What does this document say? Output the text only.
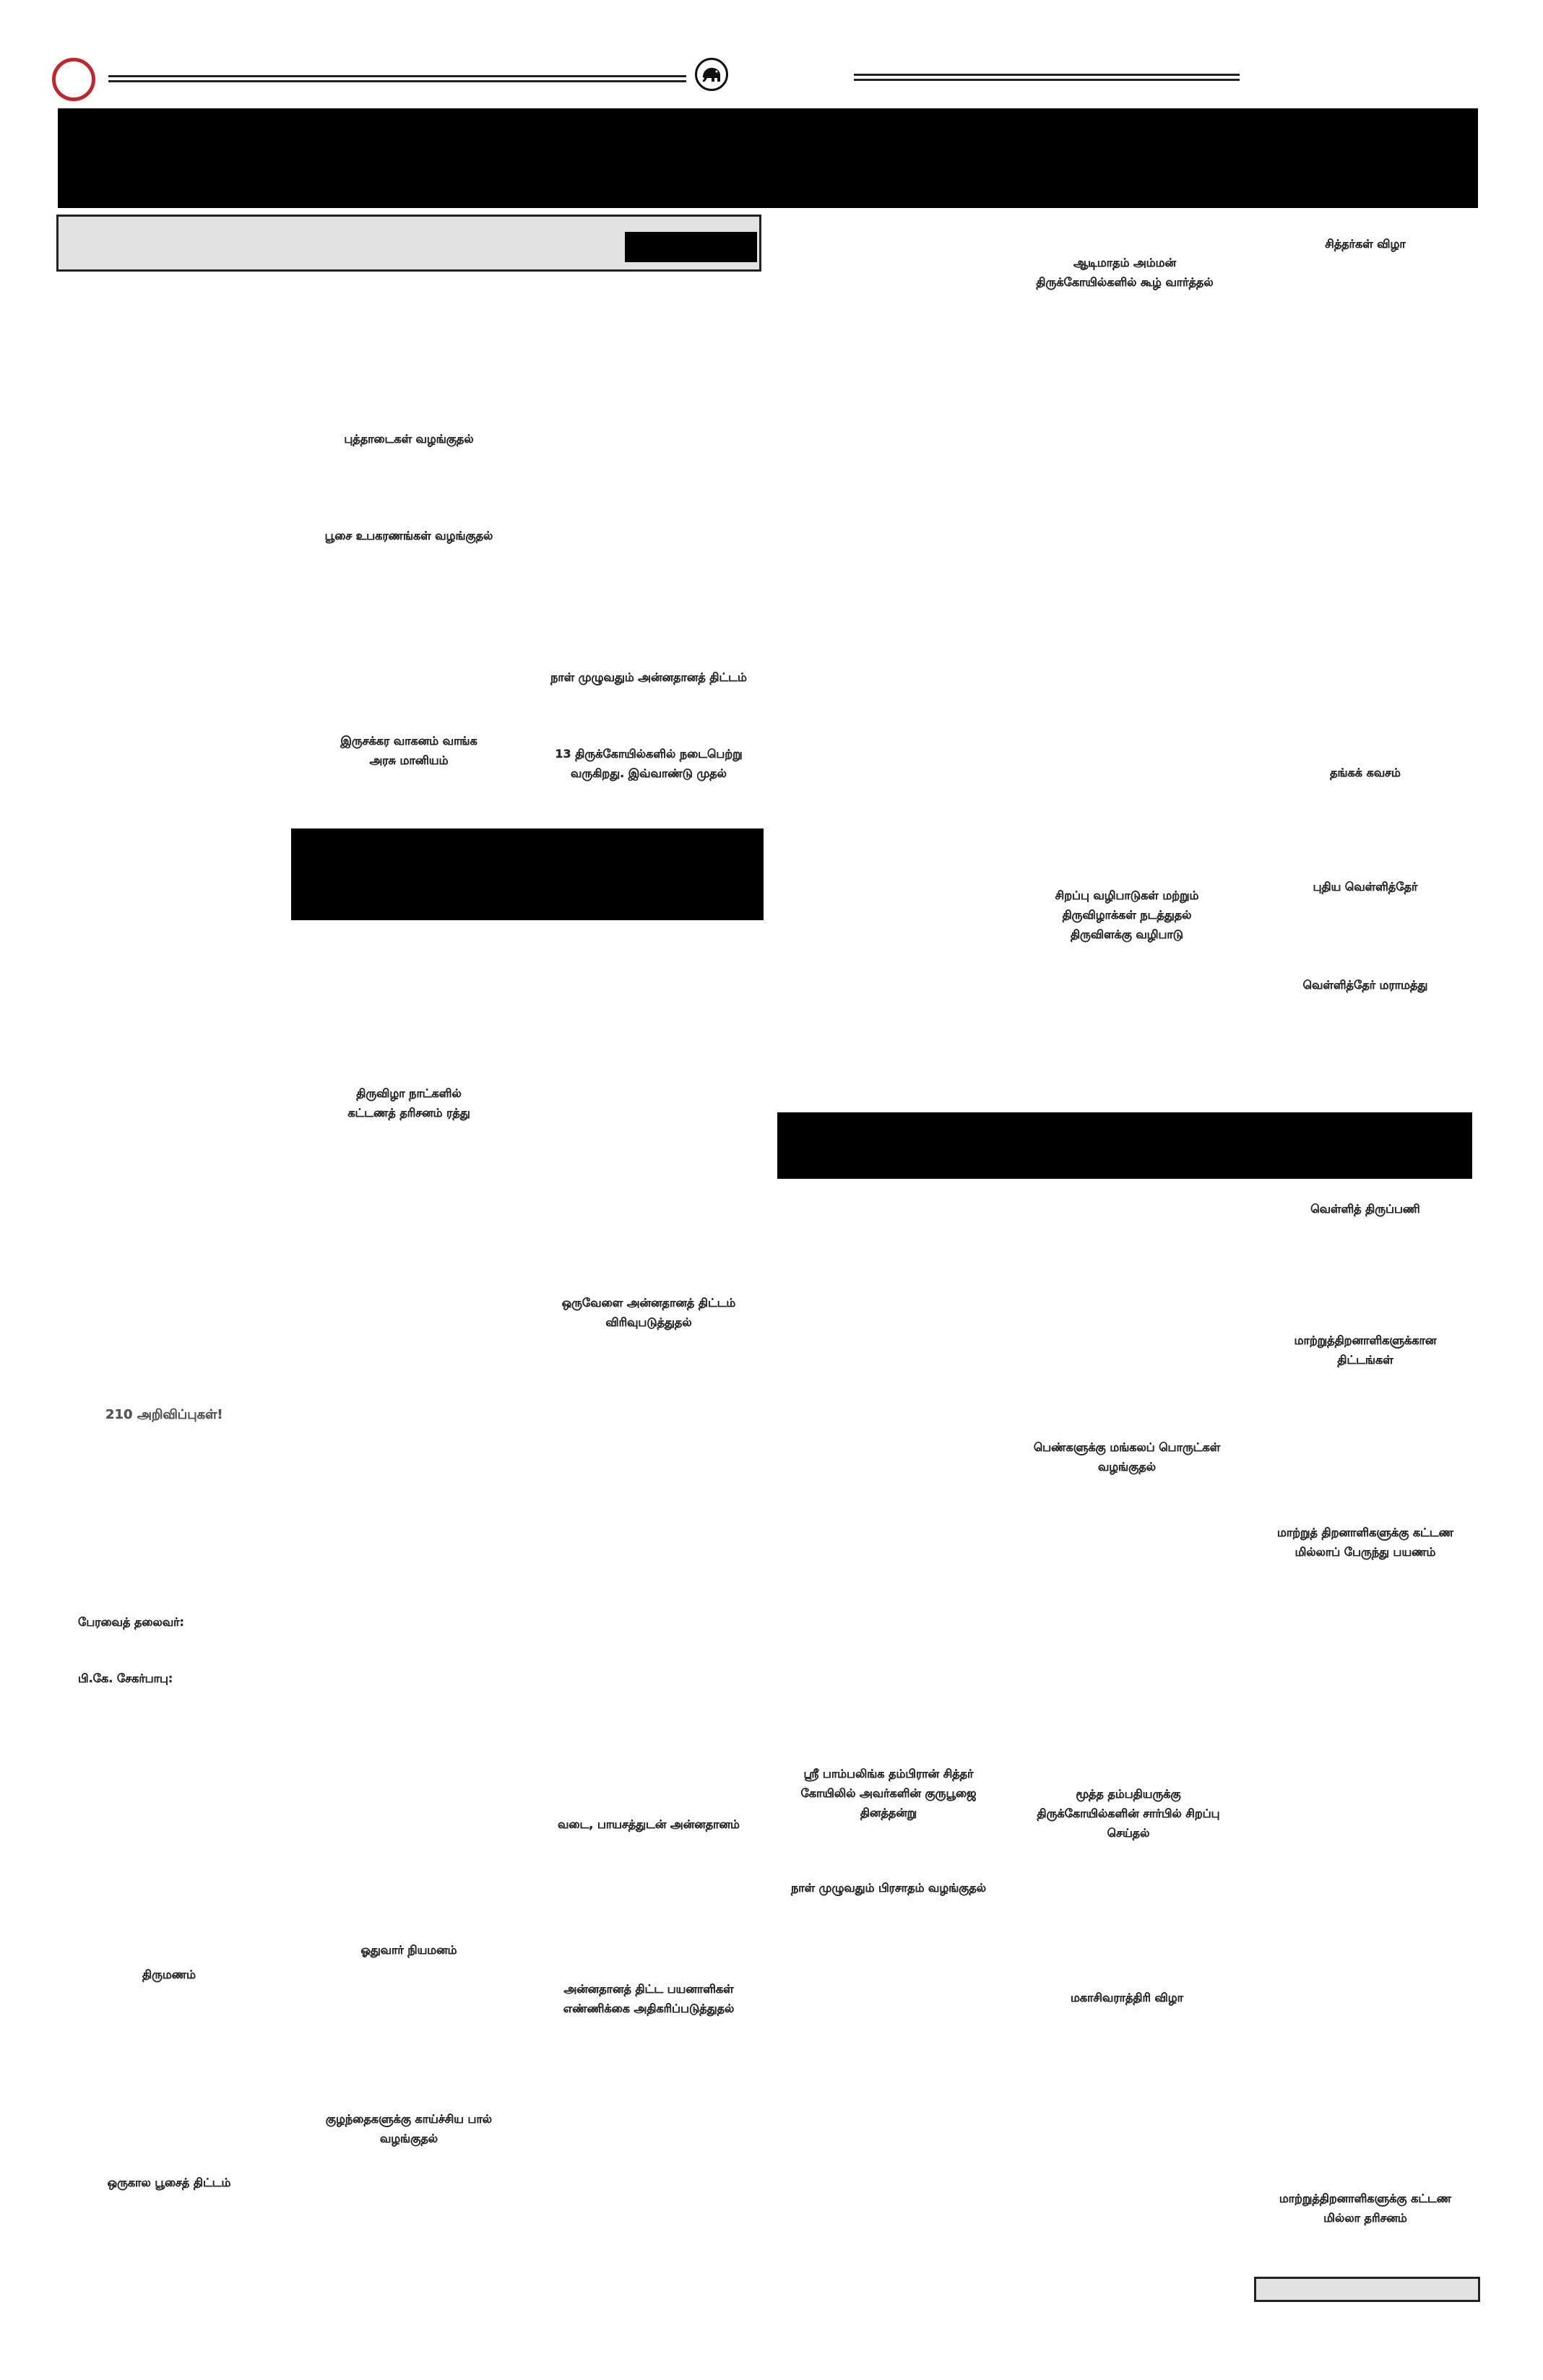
சித்தர்கள் விழா
ஆடிமாதம் அம்மன்
திருக்கோயில்களில் கூழ் வார்த்தல்
தங்கக் கவசம்
புதிய வெள்ளித்தேர்
சிறப்பு வழிபாடுகள் மற்றும்
திருவிழாக்கள் நடத்துதல்
திருவிளக்கு வழிபாடு
வெள்ளித்தேர் மராமத்து
வெள்ளித் திருப்பணி
மாற்றுத்திறனாளிகளுக்கான
திட்டங்கள்
பெண்களுக்கு மங்கலப் பொருட்கள்
வழங்குதல்
மாற்றுத் திறனாளிகளுக்கு கட்டண
மில்லாப் பேருந்து பயணம்
ஸ்ரீ பாம்பலிங்க தம்பிரான் சித்தர்
கோயிலில் அவர்களின் குருபூஜை
தினத்தன்று
மூத்த தம்பதியருக்கு
திருக்கோயில்களின் சார்பில் சிறப்பு
செய்தல்
நாள் முழுவதும் பிரசாதம் வழங்குதல்
மகாசிவராத்திரி விழா
மாற்றுத்திறனாளிகளுக்கு கட்டண
மில்லா தரிசனம்
புத்தாடைகள் வழங்குதல்
பூசை உபகரணங்கள் வழங்குதல்
நாள் முழுவதும் அன்னதானத் திட்டம்
இருசக்கர வாகனம் வாங்க
அரசு மானியம்	13 திருக்கோயில்களில் நடைபெற்று
வருகிறது. இவ்வாண்டு முதல்
திருவிழா நாட்களில்
கட்டணத் தரிசனம் ரத்து
ஒருவேளை அன்னதானத் திட்டம்
விரிவுபடுத்துதல்
210 அறிவிப்புகள்!
பேரவைத் தலைவர்:
பி.கே. சேகர்பாபு:
வடை, பாயசத்துடன் அன்னதானம்
ஓதுவார் நியமனம்
திருமணம்
அன்னதானத் திட்ட பயனாளிகள்
எண்ணிக்கை அதிகரிப்படுத்துதல்
குழந்தைகளுக்கு காய்ச்சிய பால்
வழங்குதல்
ஒருகால பூசைத் திட்டம்
